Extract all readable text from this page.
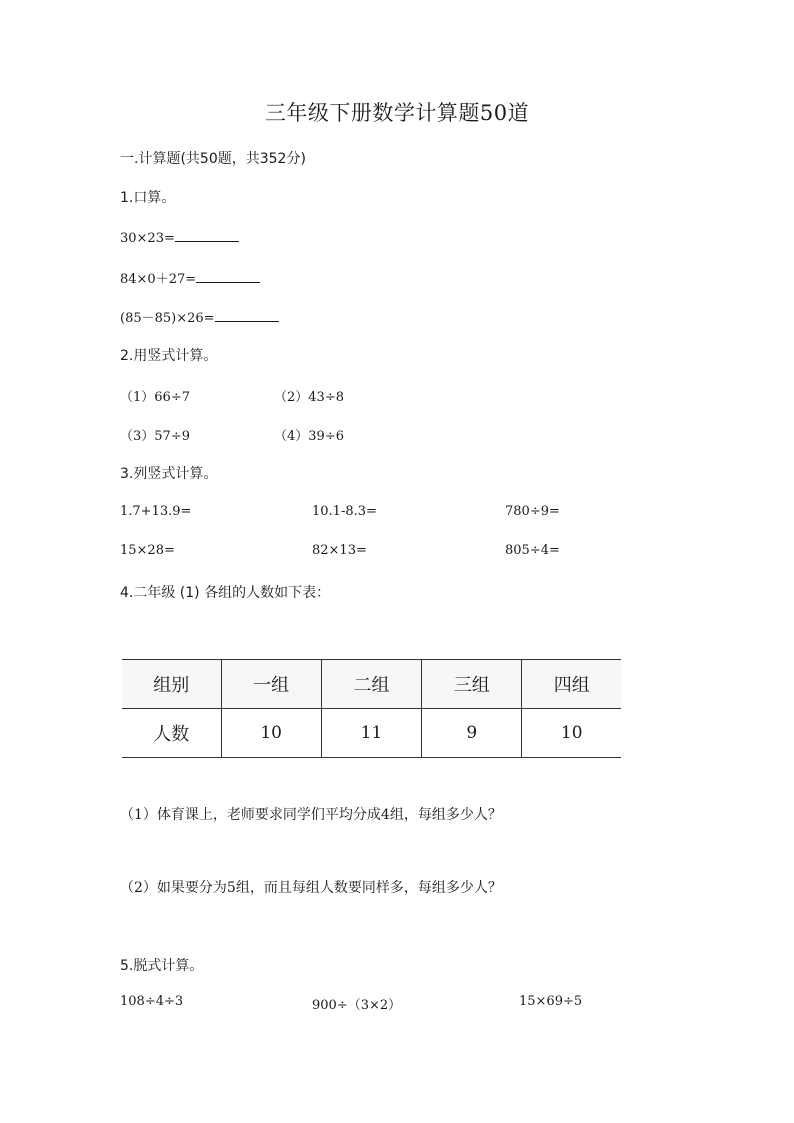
三年级下册数学计算题50道
一.计算题(共50题，共352分)
1.口算。
30×23=
84×0＋27=
(85－85)×26=
2.用竖式计算。
（1）66÷7	（2）43÷8
（3）57÷9	（4）39÷6
3.列竖式计算。
1.7+13.9=	10.1-8.3=	780÷9=
15×28=	82×13=	805÷4=
4.二年级 (1) 各组的人数如下表：
组别	一组	二组	三组	四组
人数	10	11	9	10
（1）体育课上，老师要求同学们平均分成4组，每组多少人？
（2）如果要分为5组，而且每组人数要同样多，每组多少人？
5.脱式计算。
108÷4÷3	900÷（3×2）	15×69÷5
